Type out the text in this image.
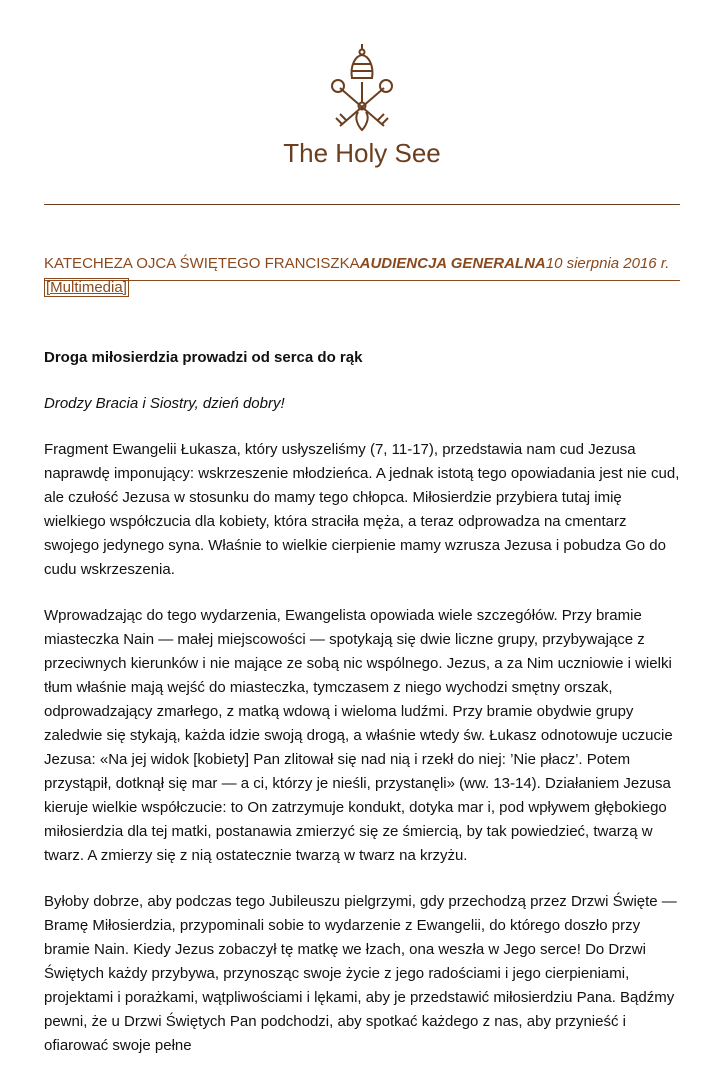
The Holy See
KATECHEZA OJCA ŚWIĘTEGO FRANCISZKAAUDIENCJA GENERALNA10 sierpnia 2016 r.[Multimedia]

Droga miłosierdzia prowadzi od serca do rąk

Drodzy Bracia i Siostry, dzień dobry!

Fragment Ewangelii Łukasza, który usłyszeliśmy (7, 11-17), przedstawia nam cud Jezusa naprawdę imponujący: wskrzeszenie młodzieńca. A jednak istotą tego opowiadania jest nie cud, ale czułość Jezusa w stosunku do mamy tego chłopca. Miłosierdzie przybiera tutaj imię wielkiego współczucia dla kobiety, która straciła męża, a teraz odprowadza na cmentarz swojego jedynego syna. Właśnie to wielkie cierpienie mamy wzrusza Jezusa i pobudza Go do cudu wskrzeszenia.

Wprowadzając do tego wydarzenia, Ewangelista opowiada wiele szczegółów. Przy bramie miasteczka Nain — małej miejscowości — spotykają się dwie liczne grupy, przybywające z przeciwnych kierunków i nie mające ze sobą nic wspólnego. Jezus, a za Nim uczniowie i wielki tłum właśnie mają wejść do miasteczka, tymczasem z niego wychodzi smętny orszak, odprowadzający zmarłego, z matką wdową i wieloma ludźmi. Przy bramie obydwie grupy zaledwie się stykają, każda idzie swoją drogą, a właśnie wtedy św. Łukasz odnotowuje uczucie Jezusa: «Na jej widok [kobiety] Pan zlitował się nad nią i rzekł do niej: ’Nie płacz’. Potem przystąpił, dotknął się mar — a ci, którzy je nieśli, przystanęli» (ww. 13-14). Działaniem Jezusa kieruje wielkie współczucie: to On zatrzymuje kondukt, dotyka mar i, pod wpływem głębokiego miłosierdzia dla tej matki, postanawia zmierzyć się ze śmiercią, by tak powiedzieć, twarzą w twarz. A zmierzy się z nią ostatecznie twarzą w twarz na krzyżu.

Byłoby dobrze, aby podczas tego Jubileuszu pielgrzymi, gdy przechodzą przez Drzwi Święte — Bramę Miłosierdzia, przypominali sobie to wydarzenie z Ewangelii, do którego doszło przy bramie Nain. Kiedy Jezus zobaczył tę matkę we łzach, ona weszła w Jego serce! Do Drzwi Świętych każdy przybywa, przynosząc swoje życie z jego radościami i jego cierpieniami, projektami i porażkami, wątpliwościami i lękami, aby je przedstawić miłosierdziu Pana. Bądźmy pewni, że u Drzwi Świętych Pan podchodzi, aby spotkać każdego z nas, aby przynieść i ofiarować swoje pełne
